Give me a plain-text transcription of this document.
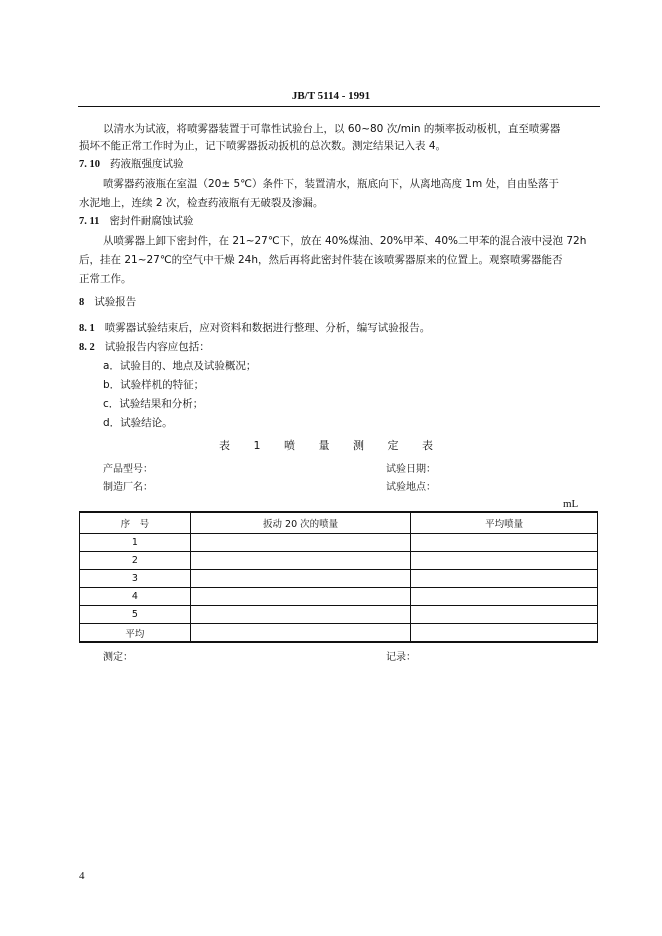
JB/T 5114 - 1991
以清水为试液，将喷雾器装置于可靠性试验台上，以 60~80 次/min 的频率扳动板机，直至喷雾器
损坏不能正常工作时为止，记下喷雾器扳动扳机的总次数。测定结果记入表 4。
7. 10 药液瓶强度试验
喷雾器药液瓶在室温（20± 5℃）条件下，装置清水，瓶底向下，从离地高度 1m 处，自由坠落于
水泥地上，连续 2 次，检查药液瓶有无破裂及渗漏。
7. 11 密封件耐腐蚀试验
从喷雾器上卸下密封件，在 21~27℃下，放在 40%煤油、20%甲苯、40%二甲苯的混合液中浸泡 72h
后，挂在 21~27℃的空气中干燥 24h，然后再将此密封件装在该喷雾器原来的位置上。观察喷雾器能否
正常工作。
8 试验报告
8. 1 喷雾器试验结束后，应对资料和数据进行整理、分析，编写试验报告。
8. 2 试验报告内容应包括：
a．试验目的、地点及试验概况；
b．试验样机的特征；
c．试验结果和分析；
d．试验结论。
表 1 喷 量 测 定 表
产品型号：	试验日期：
制造厂名：	试验地点：
mL
序　号	扳动 20 次的喷量	平均喷量
1		
2		
3		
4		
5		
平均		
测定：	记录：
4
